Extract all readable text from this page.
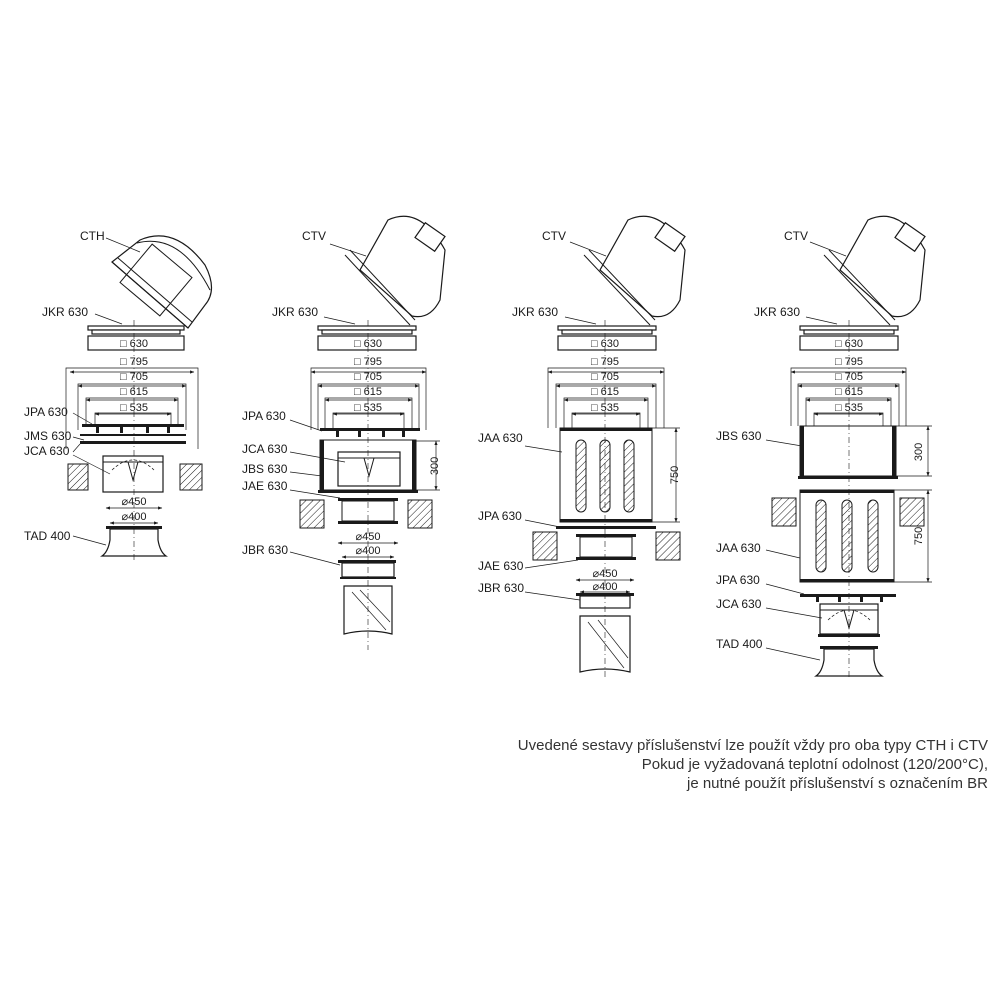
CTH
JKR 630
JPA 630
JMS 630
JCA 630
TAD 400
□ 630
□ 795
□ 705
□ 615
□ 535
⌀450
⌀400
CTV
JKR 630
JPA 630
JCA 630
JBS 630
JAE 630
JBR 630
□ 630
□ 795
□ 705
□ 615
□ 535
300
⌀450
⌀400
CTV
JKR 630
JAA 630
JPA 630
JAE 630
JBR 630
□ 630
□ 795
□ 705
□ 615
□ 535
750
⌀450
⌀400
CTV
JKR 630
JBS 630
JAA 630
JPA 630
JCA 630
TAD 400
□ 630
□ 795
□ 705
□ 615
□ 535
300
750
Uvedené sestavy příslušenství lze použít vždy pro oba typy CTH i CTV
Pokud je vyžadovaná teplotní odolnost (120/200°C),
je nutné použít příslušenství s označením BR
